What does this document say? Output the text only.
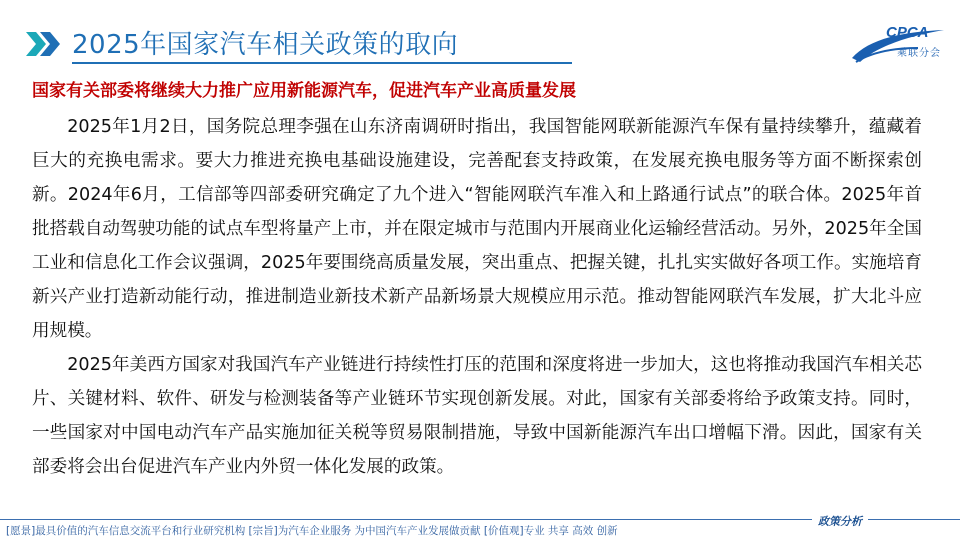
2025年国家汽车相关政策的取向	CPCA
乘联分会
国家有关部委将继续大力推广应用新能源汽车，促进汽车产业高质量发展

2025年1月2日，国务院总理李强在山东济南调研时指出，我国智能网联新能源汽车保有量持续攀升，蕴藏着巨大的充换电需求。要大力推进充换电基础设施建设，完善配套支持政策，在发展充换电服务等方面不断探索创新。2024年6月，工信部等四部委研究确定了九个进入“智能网联汽车准入和上路通行试点”的联合体。2025年首批搭载自动驾驶功能的试点车型将量产上市，并在限定城市与范围内开展商业化运输经营活动。另外，2025年全国工业和信息化工作会议强调，2025年要围绕高质量发展，突出重点、把握关键，扎扎实实做好各项工作。实施培育新兴产业打造新动能行动，推进制造业新技术新产品新场景大规模应用示范。推动智能网联汽车发展，扩大北斗应用规模。

2025年美西方国家对我国汽车产业链进行持续性打压的范围和深度将进一步加大，这也将推动我国汽车相关芯片、关键材料、软件、研发与检测装备等产业链环节实现创新发展。对此，国家有关部委将给予政策支持。同时，一些国家对中国电动汽车产品实施加征关税等贸易限制措施，导致中国新能源汽车出口增幅下滑。因此，国家有关部委将会出台促进汽车产业内外贸一体化发展的政策。

[愿景]最具价值的汽车信息交流平台和行业研究机构 [宗旨]为汽车企业服务 为中国汽车产业发展做贡献 [价值观]专业 共享 高效 创新
政策分析
